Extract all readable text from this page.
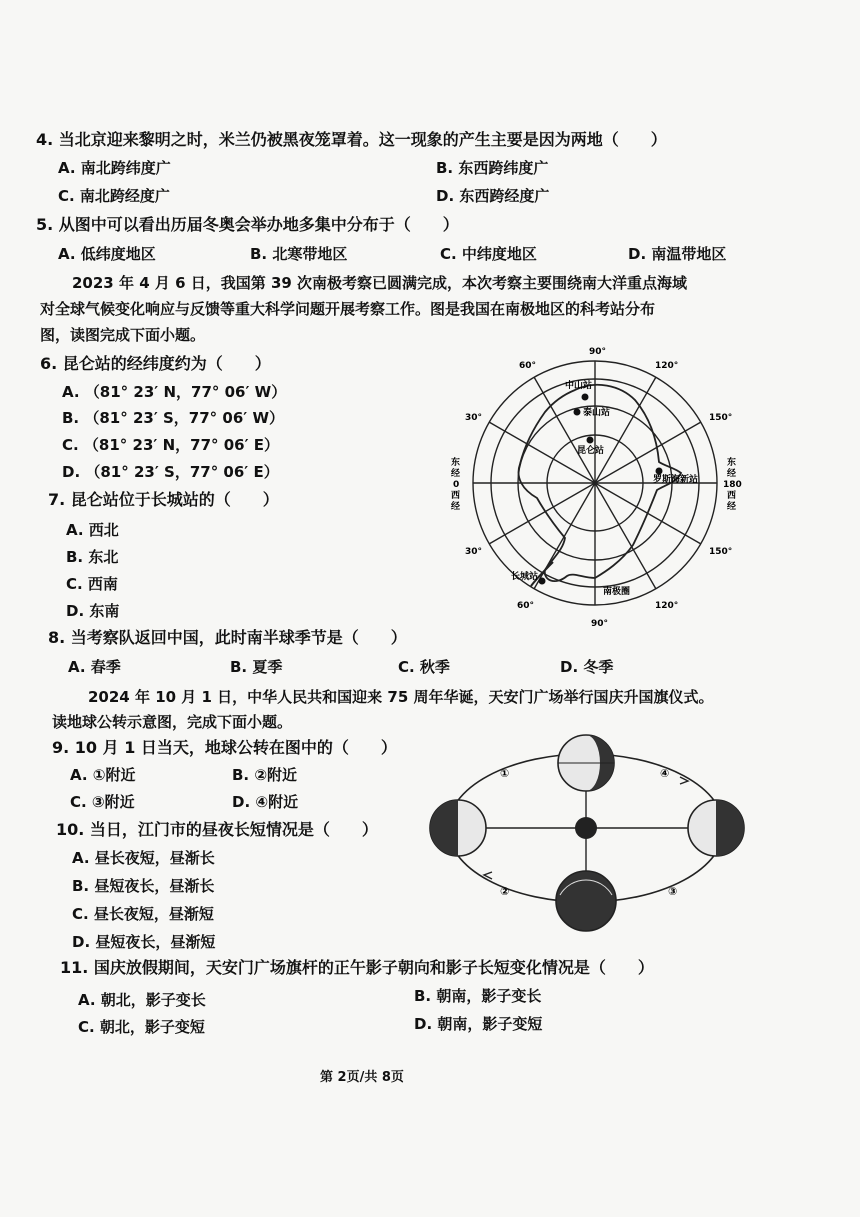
4. 当北京迎来黎明之时，米兰仍被黑夜笼罩着。这一现象的产生主要是因为两地（　　）
A. 南北跨纬度广	B. 东西跨纬度广
C. 南北跨经度广	D. 东西跨经度广
5. 从图中可以看出历届冬奥会举办地多集中分布于（　　）
A. 低纬度地区	B. 北寒带地区	C. 中纬度地区	D. 南温带地区
2023 年 4 月 6 日，我国第 39 次南极考察已圆满完成，本次考察主要围绕南大洋重点海域
对全球气候变化响应与反馈等重大科学问题开展考察工作。图是我国在南极地区的科考站分布
图，读图完成下面小题。
6. 昆仑站的经纬度约为（　　）
A. （81° 23′ N，77° 06′ W）
B. （81° 23′ S，77° 06′ W）
C. （81° 23′ N，77° 06′ E）
D. （81° 23′ S，77° 06′ E）
7. 昆仑站位于长城站的（　　）
A. 西北
B. 东北
C. 西南
D. 东南
中山站
泰山站
昆仑站
罗斯海新站
长城站
南极圈
90°
60°	120°
30°	150°
30°	150°
60°	120°
90°
东
经
0
西
经
东
经
180
西
经
8. 当考察队返回中国，此时南半球季节是（　　）
A. 春季	B. 夏季	C. 秋季	D. 冬季
2024 年 10 月 1 日，中华人民共和国迎来 75 周年华诞，天安门广场举行国庆升国旗仪式。
读地球公转示意图，完成下面小题。
9. 10 月 1 日当天，地球公转在图中的（　　）
A. ①附近	B. ②附近
C. ③附近	D. ④附近
10. 当日，江门市的昼夜长短情况是（　　）
A. 昼长夜短，昼渐长
B. 昼短夜长，昼渐长
C. 昼长夜短，昼渐短
D. 昼短夜长，昼渐短
①
②	③
④
11. 国庆放假期间，天安门广场旗杆的正午影子朝向和影子长短变化情况是（　　）
A. 朝北，影子变长	B. 朝南，影子变长
C. 朝北，影子变短	D. 朝南，影子变短
第 2页/共 8页
